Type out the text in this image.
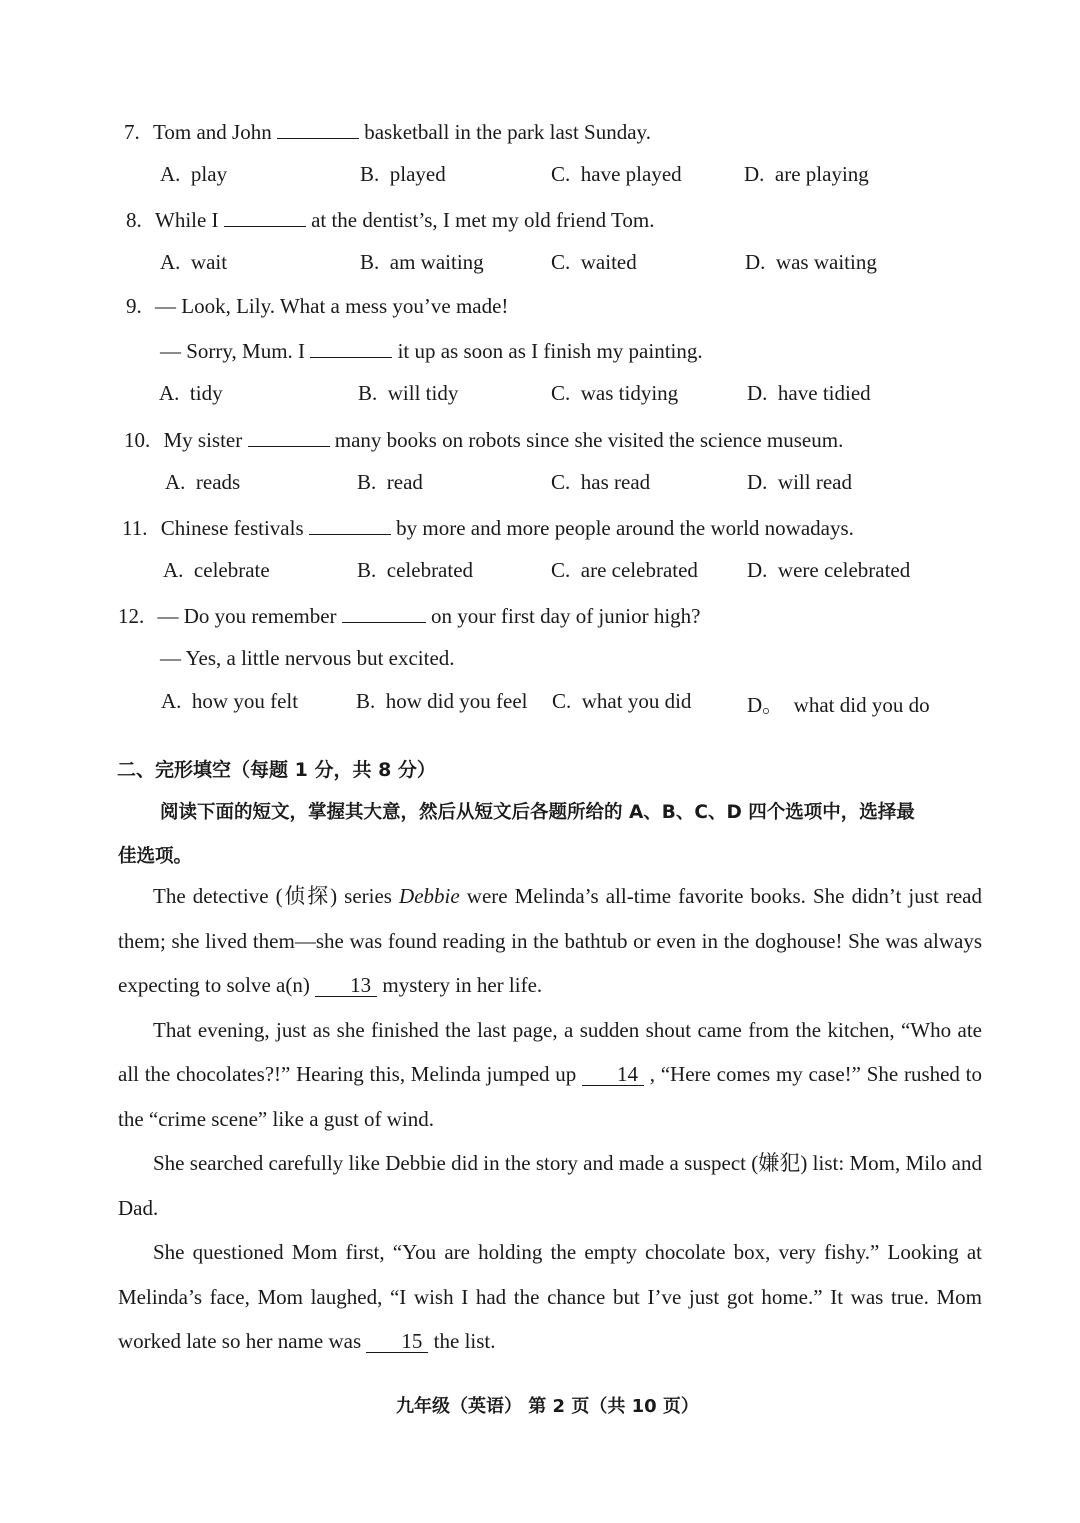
7. Tom and John	basketball in the park last Sunday.
A. play	B. played	C. have played	D. are playing
8. While I	at the dentist’s, I met my old friend Tom.
A. wait	B. am waiting	C. waited	D. was waiting
9. — Look, Lily. What a mess you’ve made!
— Sorry, Mum. I	it up as soon as I finish my painting.
A. tidy	B. will tidy	C. was tidying	D. have tidied
10. My sister	many books on robots since she visited the science museum.
A. reads	B. read	C. has read	D. will read
11. Chinese festivals	by more and more people around the world nowadays.
A. celebrate	B. celebrated	C. are celebrated D. were celebrated
12. — Do you remember	on your first day of junior high?
— Yes, a little nervous but excited.
A. how you felt	B. how did you feel C. what you did	D。 what did you do
二、完形填空（每题 1 分，共 8 分）
阅读下面的短文，掌握其大意，然后从短文后各题所给的 A、B、C、D 四个选项中，选择最
佳选项。

The detective (侦探) series Debbie were Melinda’s all-time favorite books. She didn’t just read them; she lived them—she was found reading in the bathtub or even in the doghouse! She was always expecting to solve a(n) 13 mystery in her life.

That evening, just as she finished the last page, a sudden shout came from the kitchen, “Who ate all the chocolates?!” Hearing this, Melinda jumped up 14 , “Here comes my case!” She rushed to the “crime scene” like a gust of wind.

She searched carefully like Debbie did in the story and made a suspect (嫌犯) list: Mom, Milo and Dad.

She questioned Mom first, “You are holding the empty chocolate box, very fishy.” Looking at Melinda’s face, Mom laughed, “I wish I had the chance but I’ve just got home.” It was true. Mom worked late so her name was 15 the list.

九年级（英语） 第 2 页（共 10 页）
